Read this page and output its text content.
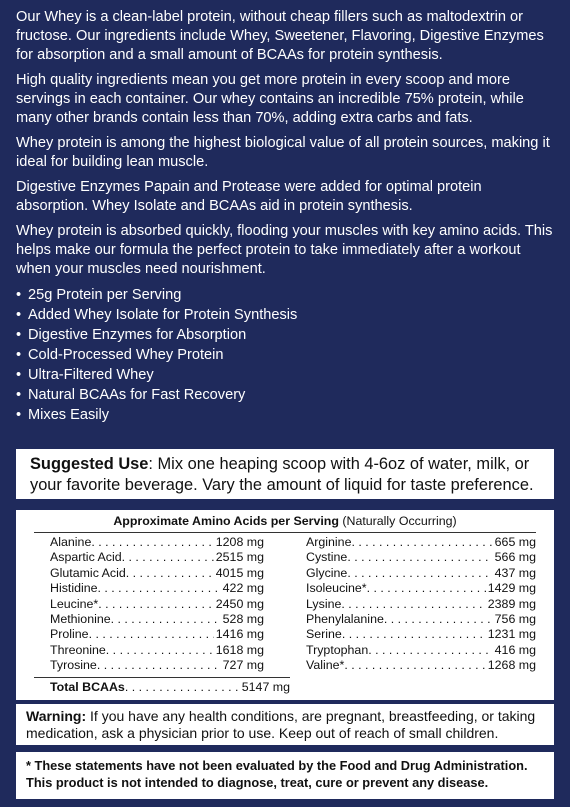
Our Whey is a clean-label protein, without cheap fillers such as maltodextrin or fructose. Our ingredients include Whey, Sweetener, Flavoring, Digestive Enzymes for absorption and a small amount of BCAAs for protein synthesis.

High quality ingredients mean you get more protein in every scoop and more servings in each container. Our whey contains an incredible 75% protein, while many other brands contain less than 70%, adding extra carbs and fats.

Whey protein is among the highest biological value of all protein sources, making it ideal for building lean muscle.

Digestive Enzymes Papain and Protease were added for optimal protein absorption. Whey Isolate and BCAAs aid in protein synthesis.

Whey protein is absorbed quickly, flooding your muscles with key amino acids. This helps make our formula the perfect protein to take immediately after a workout when your muscles need nourishment.

• 25g Protein per Serving
• Added Whey Isolate for Protein Synthesis
• Digestive Enzymes for Absorption
• Cold-Processed Whey Protein
• Ultra-Filtered Whey
• Natural BCAAs for Fast Recovery
• Mixes Easily
Suggested Use: Mix one heaping scoop with 4-6oz of water, milk, or your favorite beverage. Vary the amount of liquid for taste preference.
Approximate Amino Acids per Serving (Naturally Occurring)
Alanine . . .	1208 mg
Aspartic Acid . . .	2515 mg
Glutamic Acid . . .	4015 mg
Histidine . . .	422 mg
Leucine* . . .	2450 mg
Methionine . . .	528 mg
Proline . . .	1416 mg
Threonine . . .	1618 mg
Tyrosine . . .	727 mg
Total BCAAs . . .	5147 mg
Arginine . . .	665 mg
Cystine . . .	566 mg
Glycine . . .	437 mg
Isoleucine* . . .	1429 mg
Lysine . . .	2389 mg
Phenylalanine . . .	756 mg
Serine . . .	1231 mg
Tryptophan . . .	416 mg
Valine* . . .	1268 mg
Warning: If you have any health conditions, are pregnant, breastfeeding, or taking medication, ask a physician prior to use. Keep out of reach of small children.
* These statements have not been evaluated by the Food and Drug Administration. This product is not intended to diagnose, treat, cure or prevent any disease.
